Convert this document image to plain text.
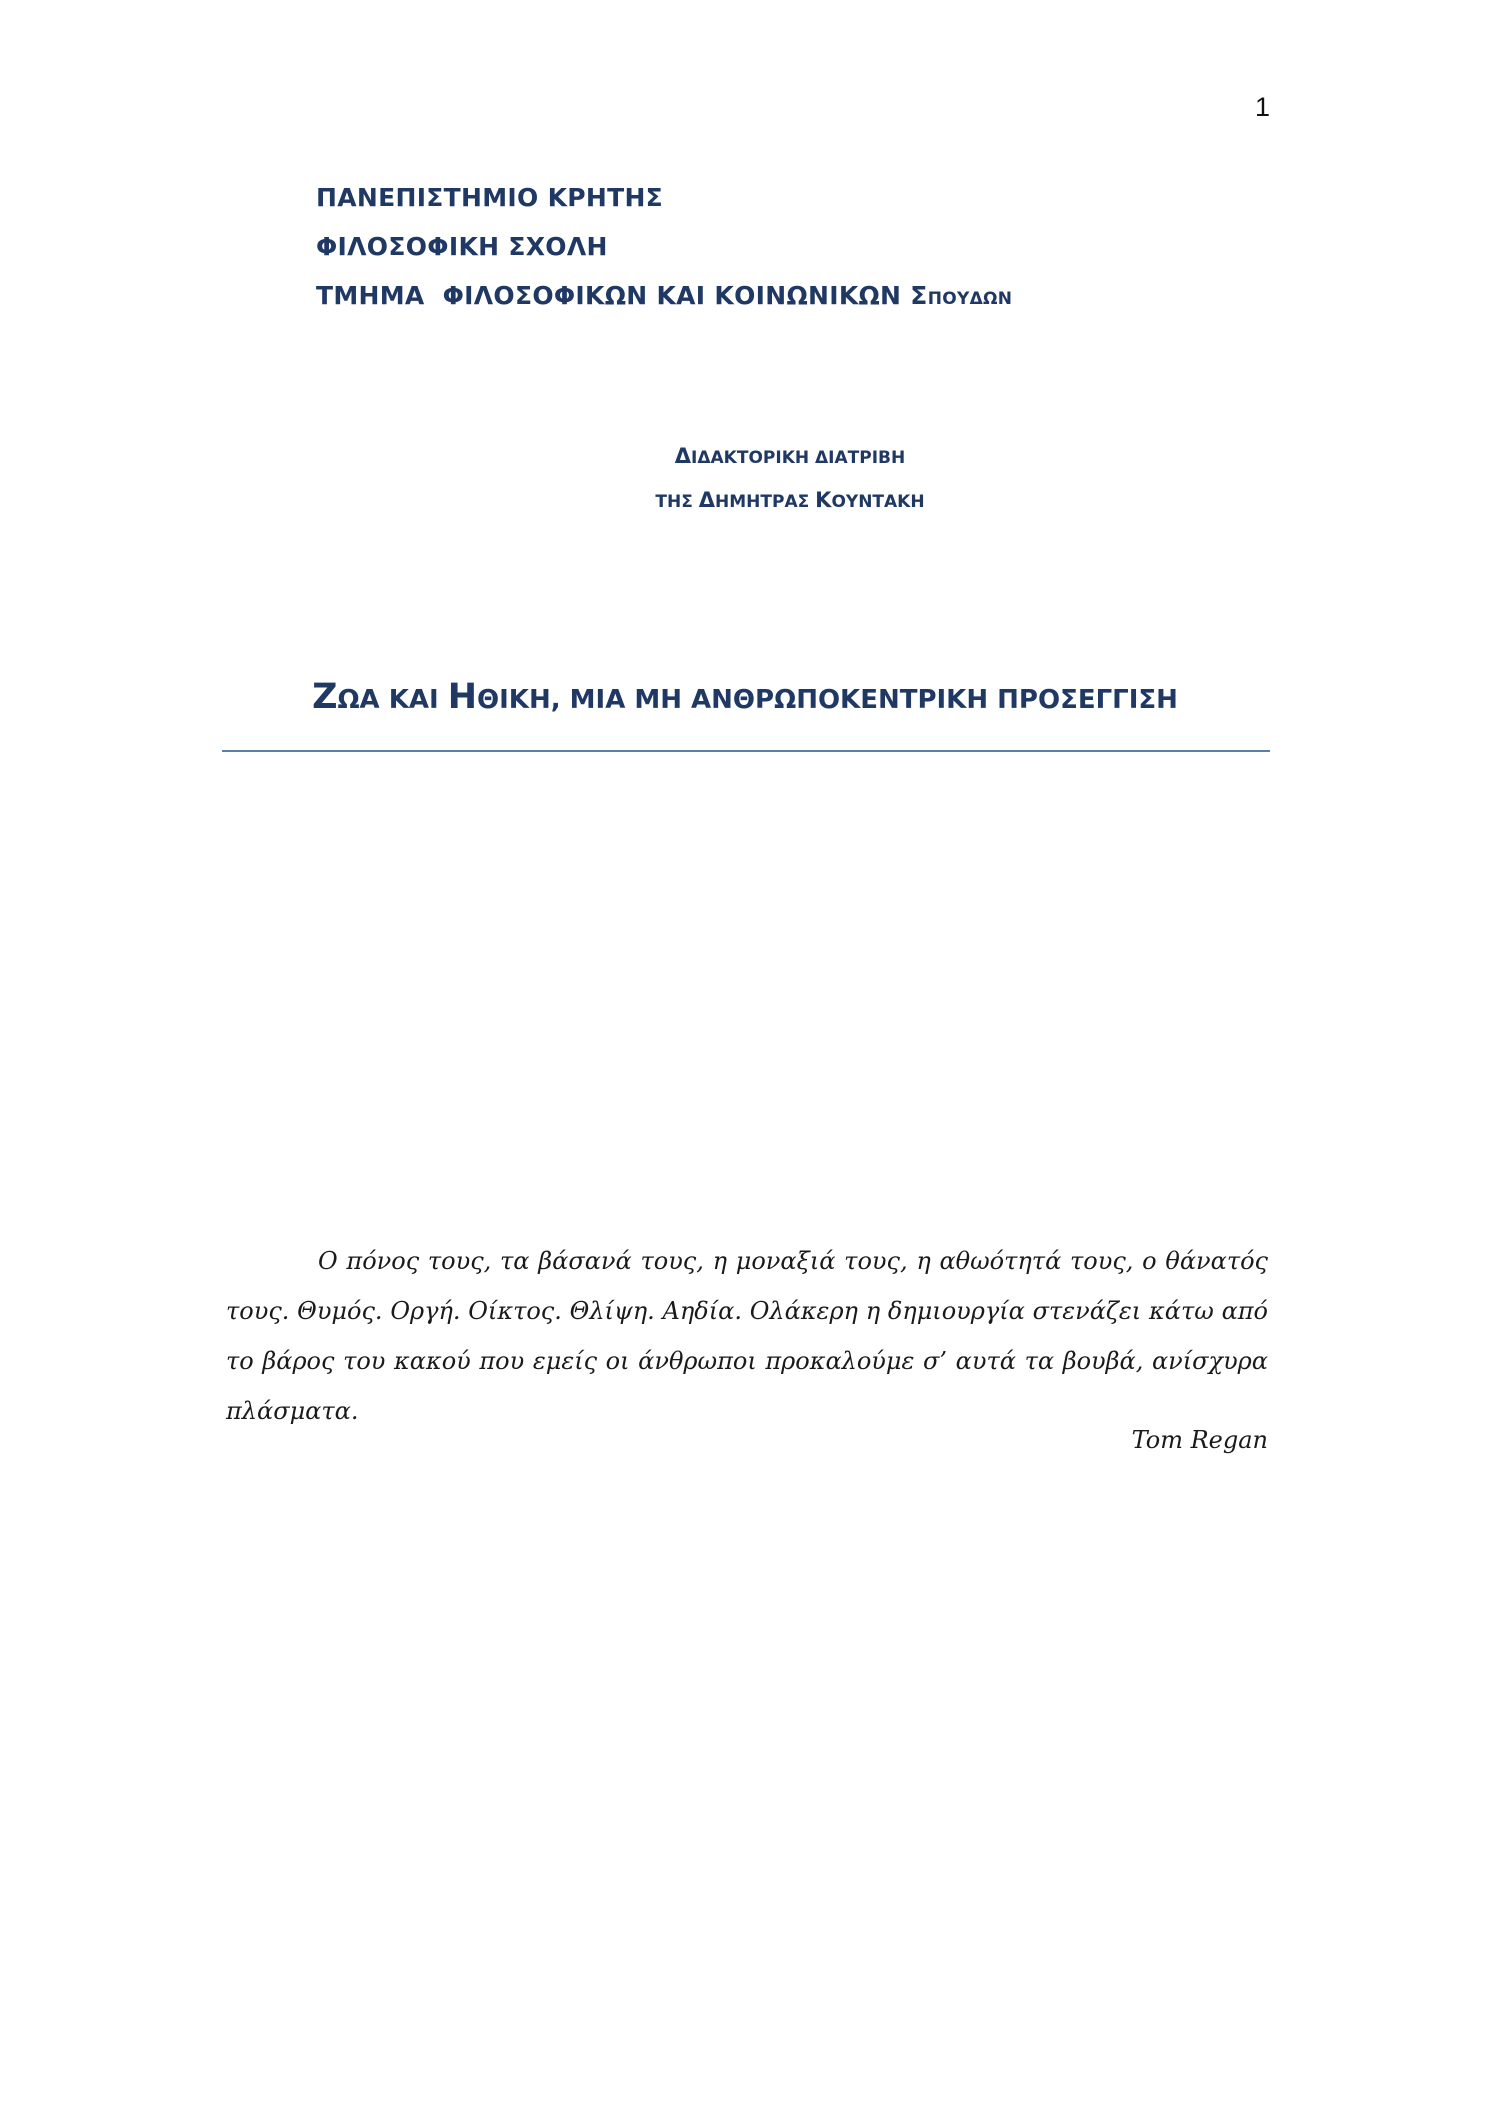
1
ΠΑΝΕΠΙΣΤΗΜΙΟ ΚΡΗΤΗΣ
ΦΙΛΟΣΟΦΙΚΗ ΣΧΟΛΗ
ΤΜΗΜΑ  ΦΙΛΟΣΟΦΙΚΩΝ ΚΑΙ ΚΟΙΝΩΝΙΚΩΝ ΣΠΟΥΔΩΝ
ΔΙΔΑΚΤΟΡΙΚΗ ΔΙΑΤΡΙΒΗ
ΤΗΣ ΔΗΜΗΤΡΑΣ ΚΟΥΝΤΑΚΗ
ΖΩΑ ΚΑΙ ΗΘΙΚΗ, ΜΙΑ ΜΗ ΑΝΘΡΩΠΟΚΕΝΤΡΙΚΗ ΠΡΟΣΕΓΓΙΣΗ

Ο πόνος τους, τα βάσανά τους, η μοναξιά τους, η αθωότητά τους, ο θάνατός τους. Θυμός. Οργή. Οίκτος. Θλίψη. Αηδία. Ολάκερη η δημιουργία στενάζει κάτω από το βάρος του κακού που εμείς οι άνθρωποι προκαλούμε σ’ αυτά τα βουβά, ανίσχυρα πλάσματα.

Tom Regan
